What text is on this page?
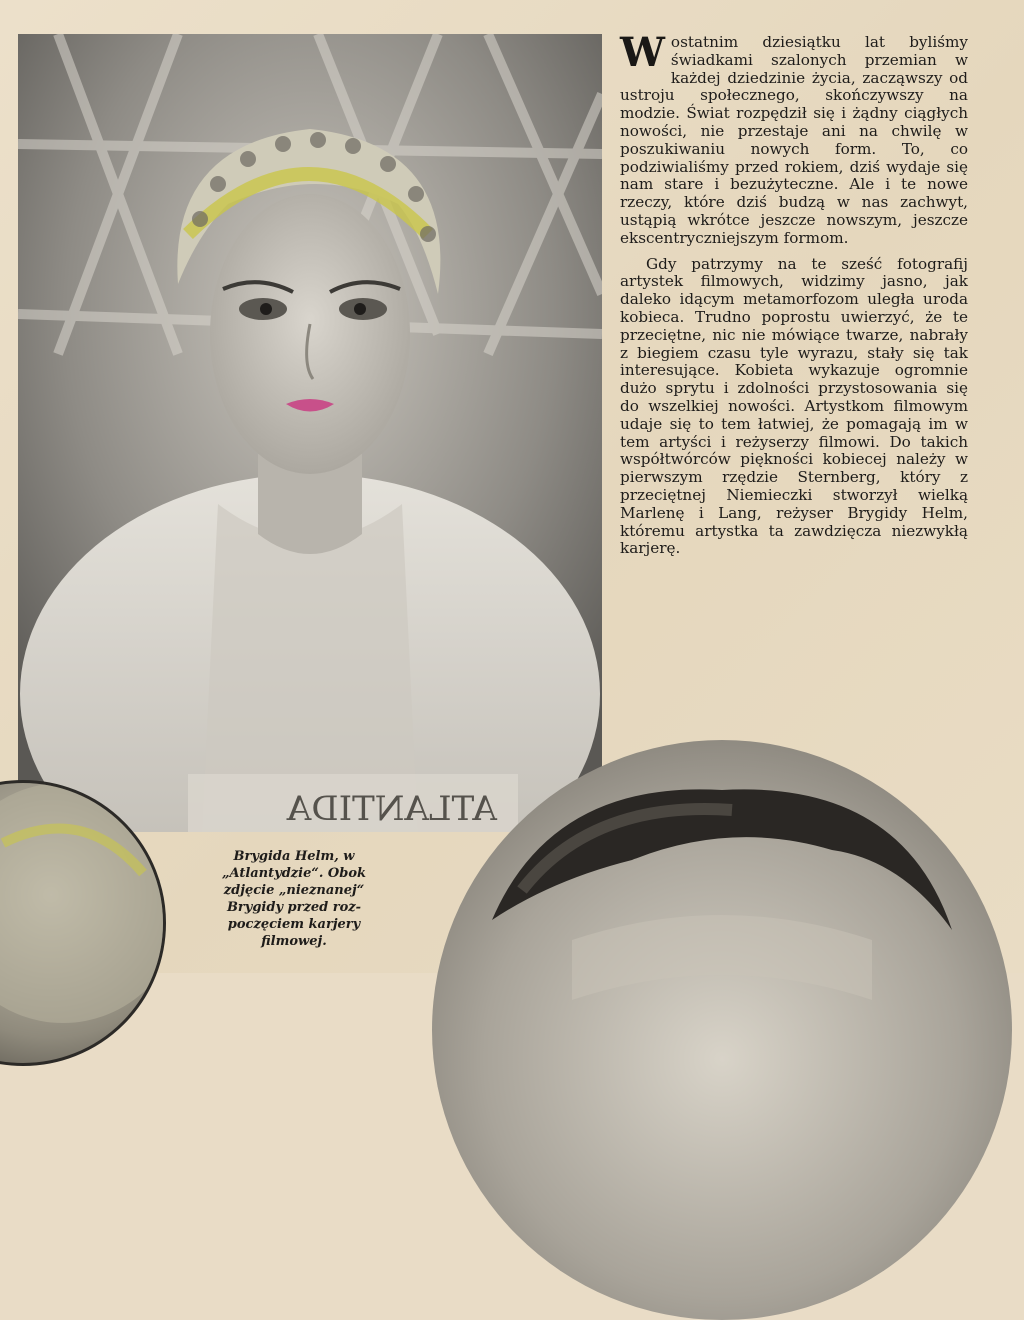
ATLANTIDA

W ostatnim dziesiątku lat byliśmy świadkami szalonych przemian w każdej dziedzinie życia, zacząwszy od ustroju społecznego, skończywszy na modzie. Świat rozpędził się i żądny ciągłych nowości, nie przestaje ani na chwilę w poszukiwaniu nowych form. To, co podziwialiśmy przed rokiem, dziś wydaje się nam stare i bezużyteczne. Ale i te nowe rzeczy, które dziś budzą w nas zachwyt, ustąpią wkrótce jeszcze nowszym, jeszcze ekscentryczniejszym formom.

Gdy patrzymy na te sześć fotografij artystek filmowych, widzimy jasno, jak daleko idącym metamorfozom uległa uroda kobieca. Trudno poprostu uwierzyć, że te przeciętne, nic nie mówiące twarze, nabrały z biegiem czasu tyle wyrazu, stały się tak interesujące. Kobieta wykazuje ogromnie dużo sprytu i zdolności przystosowania się do wszelkiej nowości. Artystkom filmowym udaje się to tem łatwiej, że pomagają im w tem artyści i reżyserzy filmowi. Do takich współtwórców piękności kobiecej należy w pierwszym rzędzie Sternberg, który z przeciętnej Niemieczki stworzył wielką Marlenę i Lang, reżyser Brygidy Helm, któremu artystka ta zawdzięcza niezwykłą karjerę.

Brygida Helm, w
„Atlantydzie“. Obok
zdjęcie „nieznanej“
Brygidy przed roz-
poczęciem karjery
filmowej.
